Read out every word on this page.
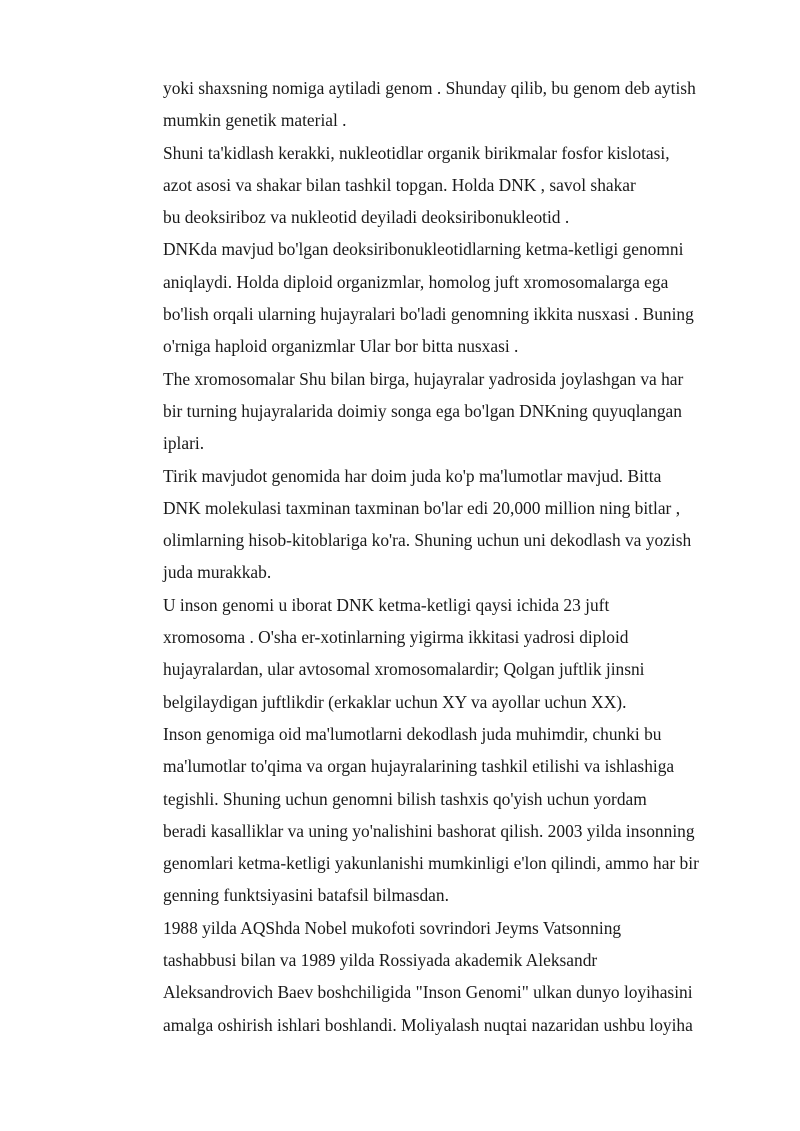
yoki shaxsning nomiga aytiladi genom . Shunday qilib, bu genom deb aytish
mumkin genetik material .
Shuni ta'kidlash kerakki, nukleotidlar organik birikmalar fosfor kislotasi,
azot asosi va shakar bilan tashkil topgan. Holda DNK , savol shakar
bu deoksiriboz va nukleotid deyiladi deoksiribonukleotid .
DNKda mavjud bo'lgan deoksiribonukleotidlarning ketma-ketligi genomni
aniqlaydi. Holda diploid organizmlar, homolog juft xromosomalarga ega
bo'lish orqali ularning hujayralari bo'ladi genomning ikkita nusxasi . Buning
o'rniga haploid organizmlar Ular bor bitta nusxasi .
The xromosomalar Shu bilan birga, hujayralar yadrosida joylashgan va har
bir turning hujayralarida doimiy songa ega bo'lgan DNKning quyuqlangan
iplari.
Tirik mavjudot genomida har doim juda ko'p ma'lumotlar mavjud. Bitta
DNK molekulasi taxminan taxminan bo'lar edi 20,000 million ning bitlar ,
olimlarning hisob-kitoblariga ko'ra. Shuning uchun uni dekodlash va yozish
juda murakkab.
U inson genomi u iborat DNK ketma-ketligi qaysi ichida 23 juft
xromosoma . O'sha er-xotinlarning yigirma ikkitasi yadrosi diploid
hujayralardan, ular avtosomal xromosomalardir; Qolgan juftlik jinsni
belgilaydigan juftlikdir (erkaklar uchun XY va ayollar uchun XX).
Inson genomiga oid ma'lumotlarni dekodlash juda muhimdir, chunki bu
ma'lumotlar to'qima va organ hujayralarining tashkil etilishi va ishlashiga
tegishli. Shuning uchun genomni bilish tashxis qo'yish uchun yordam
beradi kasalliklar va uning yo'nalishini bashorat qilish. 2003 yilda insonning
genomlari ketma-ketligi yakunlanishi mumkinligi e'lon qilindi, ammo har bir
genning funktsiyasini batafsil bilmasdan.
1988 yilda AQShda Nobel mukofoti sovrindori Jeyms Vatsonning
tashabbusi bilan va 1989 yilda Rossiyada akademik Aleksandr
Aleksandrovich Baev boshchiligida "Inson Genomi" ulkan dunyo loyihasini
amalga oshirish ishlari boshlandi. Moliyalash nuqtai nazaridan ushbu loyiha
